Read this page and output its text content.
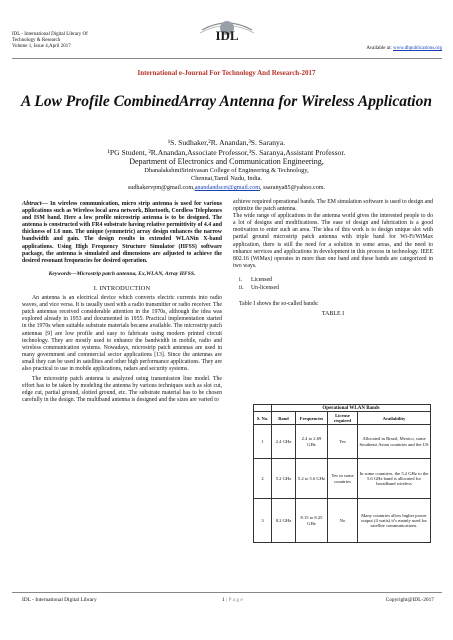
IDL - International Digital Library Of
Technology & Research
Volume 1, Issue 4,April 2017	Available at: www.dbpublications.org
IDL
International e-Journal For Technology And Research-2017
A Low Profile CombinedArray Antenna for Wireless Application
¹S. Sudhaker,²R. Anandan,³S. Saranya.
¹PG Student, ²R.Anandan,Associate Professor,³S. Saranya,Assistant Professor.
Department of Electronics and Communication Engineering,
DhanalakshmiSrinivasan College of Engineering & Technology,
Chennai,Tamil Nadu, India.
sudhakervpm@gmail.com,anandandscet@gmail.com, ssaranya85@yahoo.com.

Abtract— In wireless communication, micro strip antenna is used for various applications such as Wireless local area network, Bluetooth, Cordless Telephones and ISM band. Here a low profile microstrip antenna is to be designed. The antenna is constructed with FR4 substrate having relative permittivity of 4.4 and thickness of 1.6 mm. The unique (symmetric) array design enhances the narrow bandwidth and gain. The design results in extended WLANin X-band applications. Using High Frequency Structure Simulator (HFSS) software package, the antenna is simulated and dimensions are adjusted to achieve the desired resonant frequencies for desired operation.

Keywords—Microstrip patch antenna, Ex,WLAN, Array HFSS.

I. INTRODUCTION

An antenna is an electrical device which converts electric currents into radio waves, and vice versa. It is usually used with a radio transmitter or radio receiver. The patch antennas received considerable attention in the 1970s, although the idea was explored already in 1953 and documented in 1955. Practical implementation started in the 1970s when suitable substrate materials became available. The microstrip patch antennas [9] are low profile and easy to fabricate using modern printed circuit technology. They are mostly used to enhance the bandwidth in mobile, radio and wireless communication systems. Nowadays, microstrip patch antennas are used in many government and commercial sector applications [13]. Since the antennas are small they can be used in satellites and other high performance applications. They are also practical to use in mobile applications, radars and security systems.

The microstrip patch antenna is analyzed using transmission line model. The effort has to be taken by modeling the antenna by various techniques such as slot cut, edge cut, partial ground, slotted ground, etc. The substrate material has to be chosen carefully in the design. The multiband antenna is designed and the sizes are varied to

achieve required operational bands. The EM simulation software is used to design and optimize the patch antenna.

The wide range of applications in the antenna world gives the interested people to do a lot of designs and modifications. The ease of design and fabrication is a good motivation to enter such an area. The idea of this work is to design unique slot with partial ground microstrip patch antenna with triple band for Wi-Fi/WiMax application, there is still the need for a solution in some areas, and the need to enhance services and applications in development in this process in technology. IEEE 802.16 (WiMax) operates in more than one band and these bands are categorized in two ways.

i. Licensed
ii. Un-licensed

Table I shows the so-called bands:

TABLE I

	Operational WLAN Bands			
S. No.	Band	Frequencies	License required	Availability
1	2.4 GHz	2.4 to 2.69 GHz	Yes	Allocated in Brazil, Mexico, some Southeast Asian countries and the US
2	5.2 GHz	5.2 to 5.6 GHz	Yes in some countries	In some countries, the 5.2 GHz to the 5.6 GHz band is allocated for broadband wireless
3	8.2 GHz	8.15 to 8.25 GHz	No	Many countries allow higher power output (4 watts) it’s mainly used for satellite communications.
IDL - International Digital Library	1 | P a g e	Copyright@IDL-2017
